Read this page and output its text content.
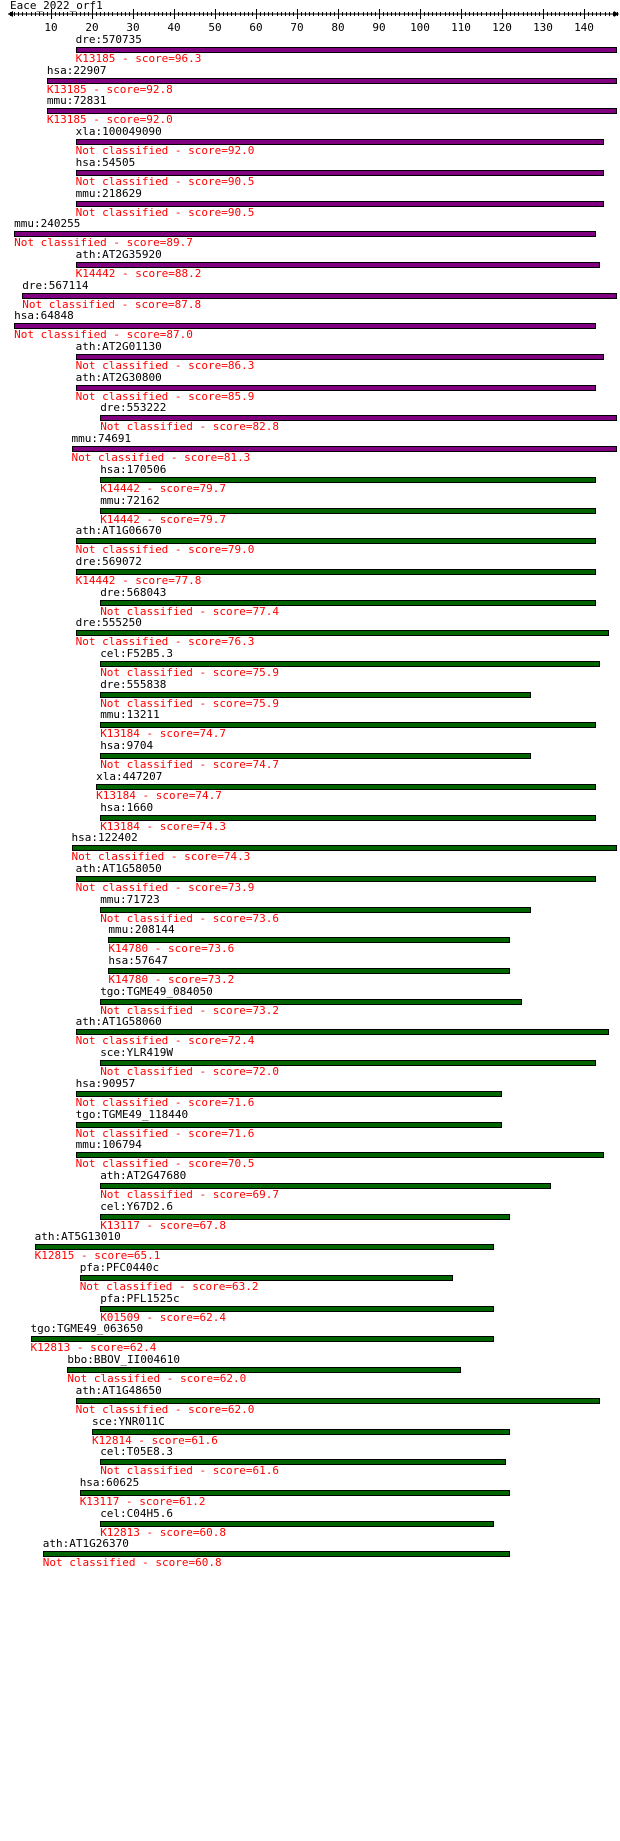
Eace_2022_orf1
10	20	30	40	50	60	70	80	90 100 110 120 130 140
dre:570735
K13185 - score=96.3
hsa:22907
K13185 - score=92.8
mmu:72831
K13185 - score=92.0
xla:100049090
Not classified - score=92.0
hsa:54505
Not classified - score=90.5
mmu:218629
Not classified - score=90.5
mmu:240255
Not classified - score=89.7
ath:AT2G35920
K14442 - score=88.2
dre:567114
Not classified - score=87.8
hsa:64848
Not classified - score=87.0
ath:AT2G01130
Not classified - score=86.3
ath:AT2G30800
Not classified - score=85.9
dre:553222
Not classified - score=82.8
mmu:74691
Not classified - score=81.3
hsa:170506
K14442 - score=79.7
mmu:72162
K14442 - score=79.7
ath:AT1G06670
Not classified - score=79.0
dre:569072
K14442 - score=77.8
dre:568043
Not classified - score=77.4
dre:555250
Not classified - score=76.3
cel:F52B5.3
Not classified - score=75.9
dre:555838
Not classified - score=75.9
mmu:13211
K13184 - score=74.7
hsa:9704
Not classified - score=74.7
xla:447207
K13184 - score=74.7
hsa:1660
K13184 - score=74.3
hsa:122402
Not classified - score=74.3
ath:AT1G58050
Not classified - score=73.9
mmu:71723
Not classified - score=73.6
mmu:208144
K14780 - score=73.6
hsa:57647
K14780 - score=73.2
tgo:TGME49_084050
Not classified - score=73.2
ath:AT1G58060
Not classified - score=72.4
sce:YLR419W
Not classified - score=72.0
hsa:90957
Not classified - score=71.6
tgo:TGME49_118440
Not classified - score=71.6
mmu:106794
Not classified - score=70.5
ath:AT2G47680
Not classified - score=69.7
cel:Y67D2.6
K13117 - score=67.8
ath:AT5G13010
K12815 - score=65.1
pfa:PFC0440c
Not classified - score=63.2
pfa:PFL1525c
K01509 - score=62.4
tgo:TGME49_063650
K12813 - score=62.4
bbo:BBOV_II004610
Not classified - score=62.0
ath:AT1G48650
Not classified - score=62.0
sce:YNR011C
K12814 - score=61.6
cel:T05E8.3
Not classified - score=61.6
hsa:60625
K13117 - score=61.2
cel:C04H5.6
K12813 - score=60.8
ath:AT1G26370
Not classified - score=60.8
